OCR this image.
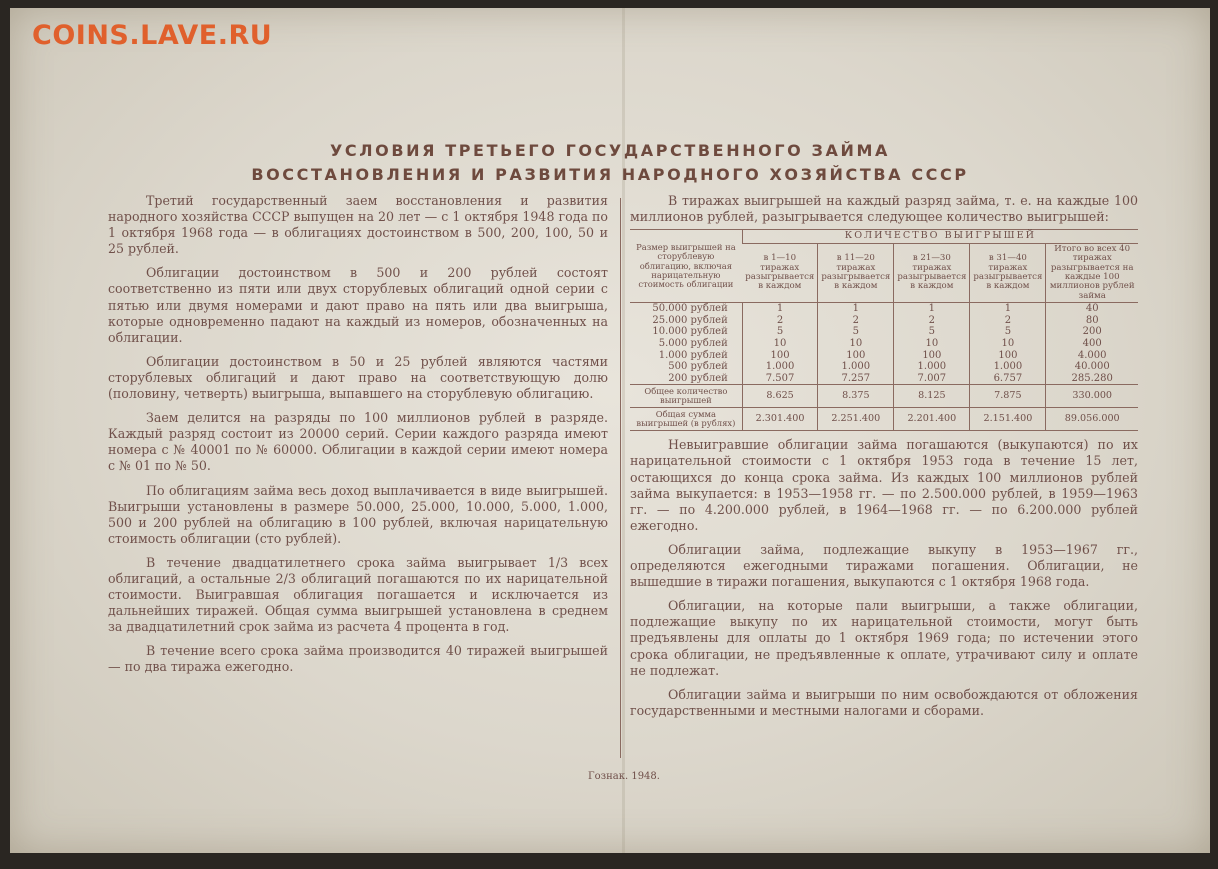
COINS.LAVE.RU
УСЛОВИЯ ТРЕТЬЕГО ГОСУДАРСТВЕННОГО ЗАЙМА
ВОССТАНОВЛЕНИЯ И РАЗВИТИЯ НАРОДНОГО ХОЗЯЙСТВА СССР

Третий государственный заем восстановления и развития народного хозяйства СССР выпущен на 20 лет — с 1 октября 1948 года по 1 октября 1968 года — в облигациях достоинством в 500, 200, 100, 50 и 25 рублей.

Облигации достоинством в 500 и 200 рублей состоят соответственно из пяти или двух сторублевых облигаций одной серии с пятью или двумя номерами и дают право на пять или два выигрыша, которые одновременно падают на каждый из номеров, обозначенных на облигации.

Облигации достоинством в 50 и 25 рублей являются частями сторублевых облигаций и дают право на соответствующую долю (половину, четверть) выигрыша, выпавшего на сторублевую облигацию.

Заем делится на разряды по 100 миллионов рублей в разряде. Каждый разряд состоит из 20000 серий. Серии каждого разряда имеют номера с № 40001 по № 60000. Облигации в каждой серии имеют номера с № 01 по № 50.

По облигациям займа весь доход выплачивается в виде выигрышей. Выигрыши установлены в размере 50.000, 25.000, 10.000, 5.000, 1.000, 500 и 200 рублей на облигацию в 100 рублей, включая нарицательную стоимость облигации (сто рублей).

В течение двадцатилетнего срока займа выигрывает 1/3 всех облигаций, а остальные 2/3 облигаций погашаются по их нарицательной стоимости. Выигравшая облигация погашается и исключается из дальнейших тиражей. Общая сумма выигрышей установлена в среднем за двадцатилетний срок займа из расчета 4 процента в год.

В течение всего срока займа производится 40 тиражей выигрышей — по два тиража ежегодно.

В тиражах выигрышей на каждый разряд займа, т. е. на каждые 100 миллионов рублей, разыгрывается следующее количество выигрышей:

Размер выигрышей на сторублевую облигацию, включая нарицательную стоимость облигации	КОЛИЧЕСТВО ВЫИГРЫШЕЙ				
	в 1—10 тиражах разыгрывается в каждом	в 11—20 тиражах разыгрывается в каждом	в 21—30 тиражах разыгрывается в каждом	в 31—40 тиражах разыгрывается в каждом	Итого во всех 40 тиражах разыгрывается на каждые 100 миллионов рублей займа
50.000 рублей	1	1	1	1	40
25.000 рублей	2	2	2	2	80
10.000 рублей	5	5	5	5	200
5.000 рублей	10	10	10	10	400
1.000 рублей	100	100	100	100	4.000
500 рублей	1.000	1.000	1.000	1.000	40.000
200 рублей	7.507	7.257	7.007	6.757	285.280
Общее количество выигрышей	8.625	8.375	8.125	7.875	330.000
Общая сумма выигрышей (в рублях)	2.301.400	2.251.400	2.201.400	2.151.400	89.056.000

Невыигравшие облигации займа погашаются (выкупаются) по их нарицательной стоимости с 1 октября 1953 года в течение 15 лет, остающихся до конца срока займа. Из каждых 100 миллионов рублей займа выкупается: в 1953—1958 гг. — по 2.500.000 рублей, в 1959—1963 гг. — по 4.200.000 рублей, в 1964—1968 гг. — по 6.200.000 рублей ежегодно.

Облигации займа, подлежащие выкупу в 1953—1967 гг., определяются ежегодными тиражами погашения. Облигации, не вышедшие в тиражи погашения, выкупаются с 1 октября 1968 года.

Облигации, на которые пали выигрыши, а также облигации, подлежащие выкупу по их нарицательной стоимости, могут быть предъявлены для оплаты до 1 октября 1969 года; по истечении этого срока облигации, не предъявленные к оплате, утрачивают силу и оплате не подлежат.

Облигации займа и выигрыши по ним освобождаются от обложения государственными и местными налогами и сборами.

Гознак. 1948.
